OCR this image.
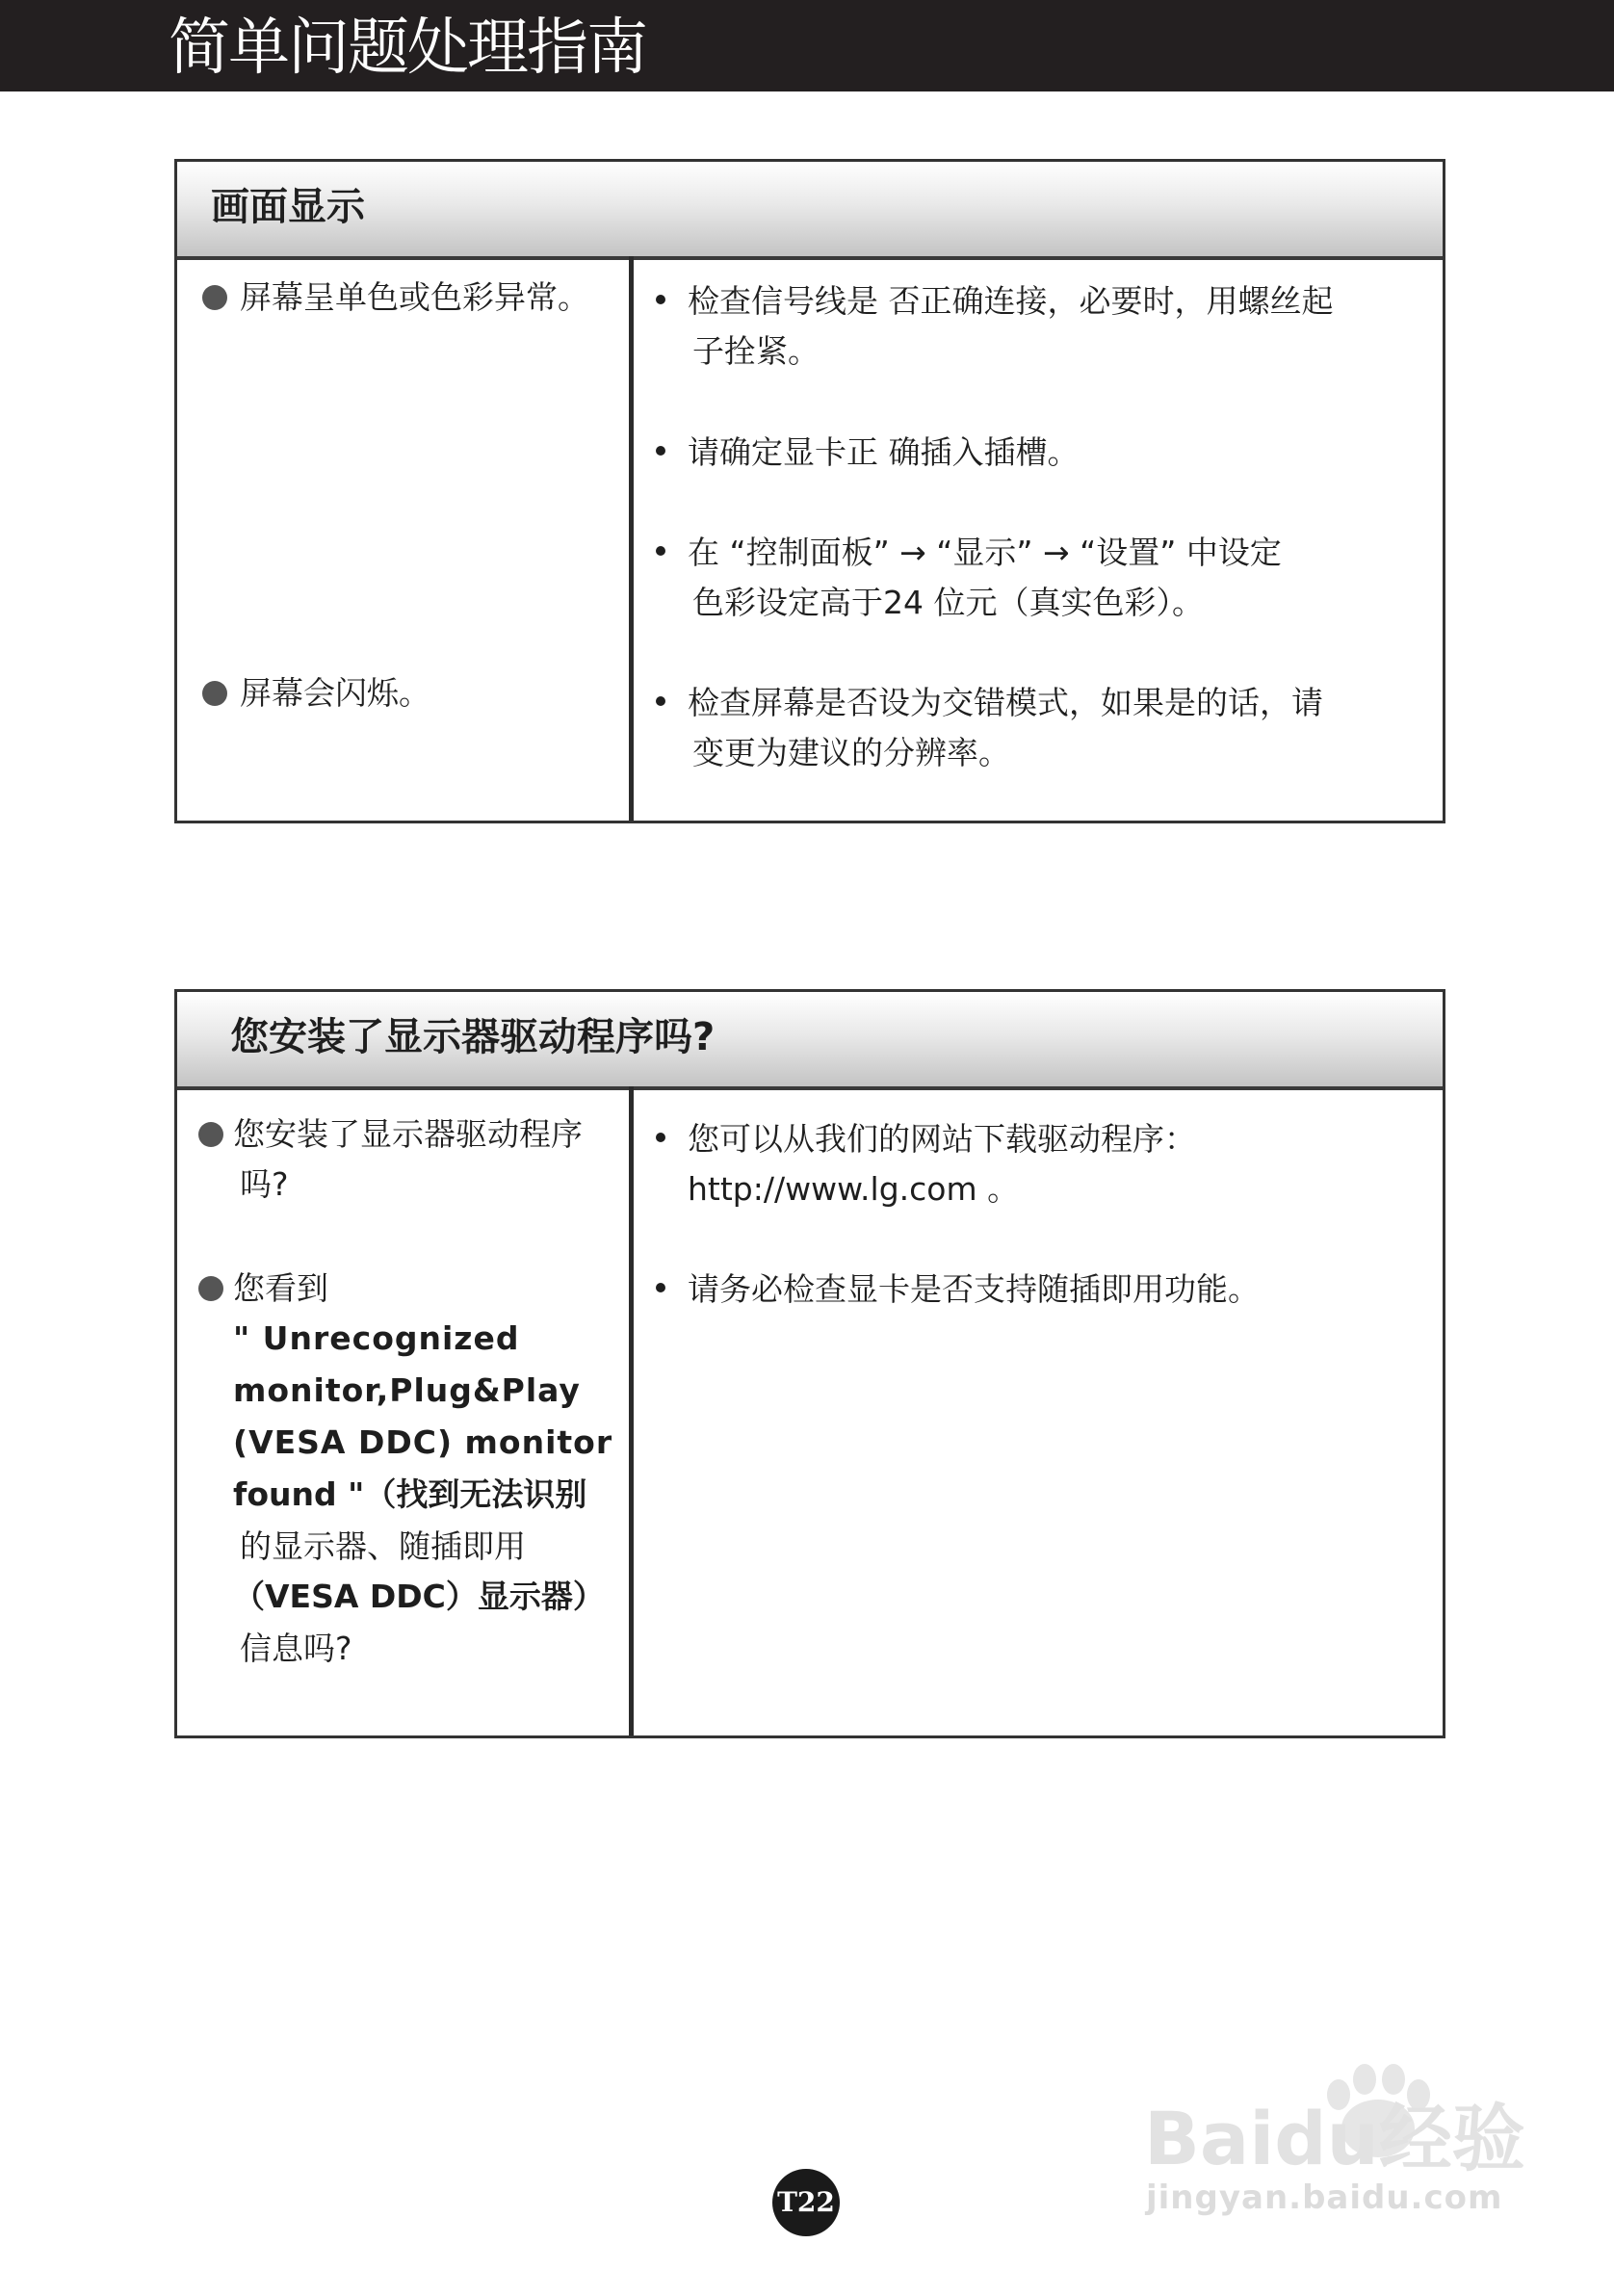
简单问题处理指南
画面显示
屏幕呈单色或色彩异常。
屏幕会闪烁。
检查信号线是 否正确连接，必要时，用螺丝起
子拴紧。
请确定显卡正 确插入插槽。
在 “控制面板” → “显示” → “设置” 中设定
色彩设定高于24 位元（真实色彩）。
检查屏幕是否设为交错模式，如果是的话，请
变更为建议的分辨率。
您安装了显示器驱动程序吗?
您安装了显示器驱动程序
吗?
您看到
" Unrecognized
monitor,Plug&Play
(VESA DDC) monitor
found "（找到无法识别
的显示器、随插即用
（VESA DDC）显示器）
信息吗?
您可以从我们的网站下载驱动程序：
http://www.lg.com 。
请务必检查显卡是否支持随插即用功能。
Baidu经验
jingyan.baidu.com
T22
